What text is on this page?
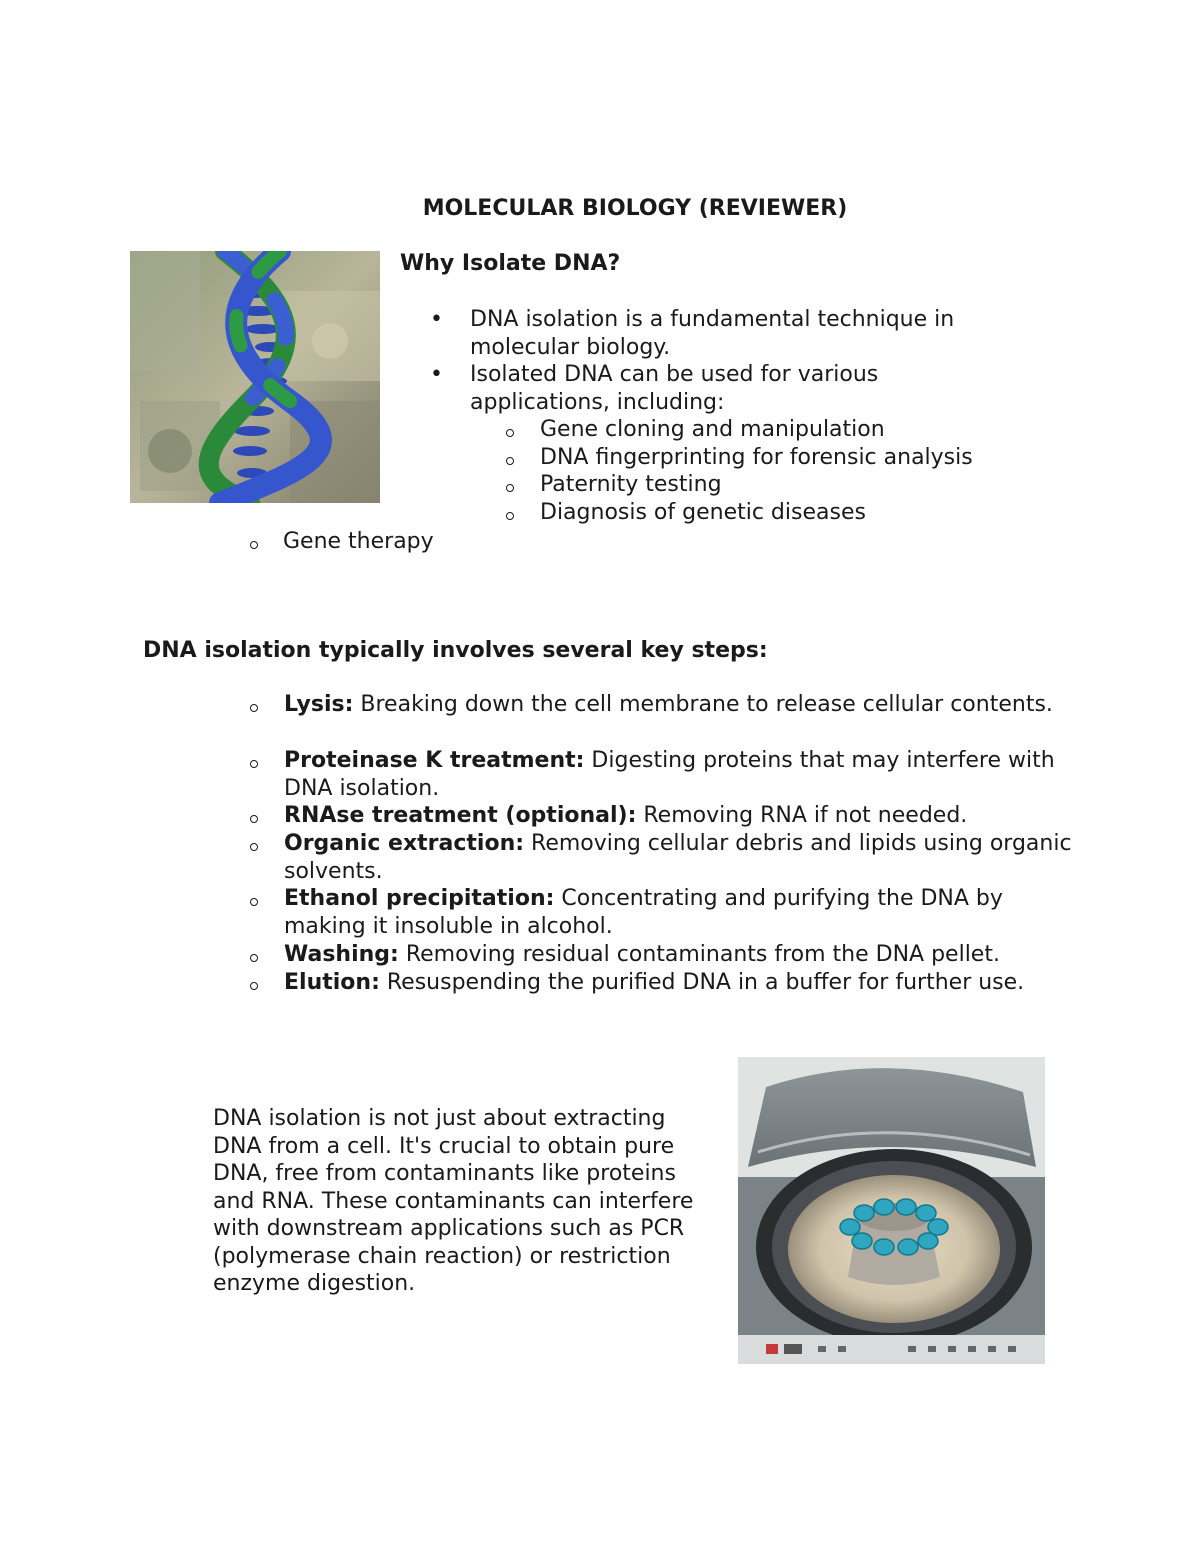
MOLECULAR BIOLOGY (REVIEWER)
Why Isolate DNA?
• DNA isolation is a fundamental technique in molecular biology.
• Isolated DNA can be used for various applications, including:
Gene cloning and manipulation
DNA fingerprinting for forensic analysis
Paternity testing
Diagnosis of genetic diseases
Gene therapy
DNA isolation typically involves several key steps:
Lysis: Breaking down the cell membrane to release cellular contents.
Proteinase K treatment: Digesting proteins that may interfere with DNA isolation.
RNAse treatment (optional): Removing RNA if not needed.
Organic extraction: Removing cellular debris and lipids using organic solvents.
Ethanol precipitation: Concentrating and purifying the DNA by making it insoluble in alcohol.
Washing: Removing residual contaminants from the DNA pellet.
Elution: Resuspending the purified DNA in a buffer for further use.
DNA isolation is not just about extracting DNA from a cell. It's crucial to obtain pure DNA, free from contaminants like proteins and RNA. These contaminants can interfere with downstream applications such as PCR (polymerase chain reaction) or restriction enzyme digestion.
